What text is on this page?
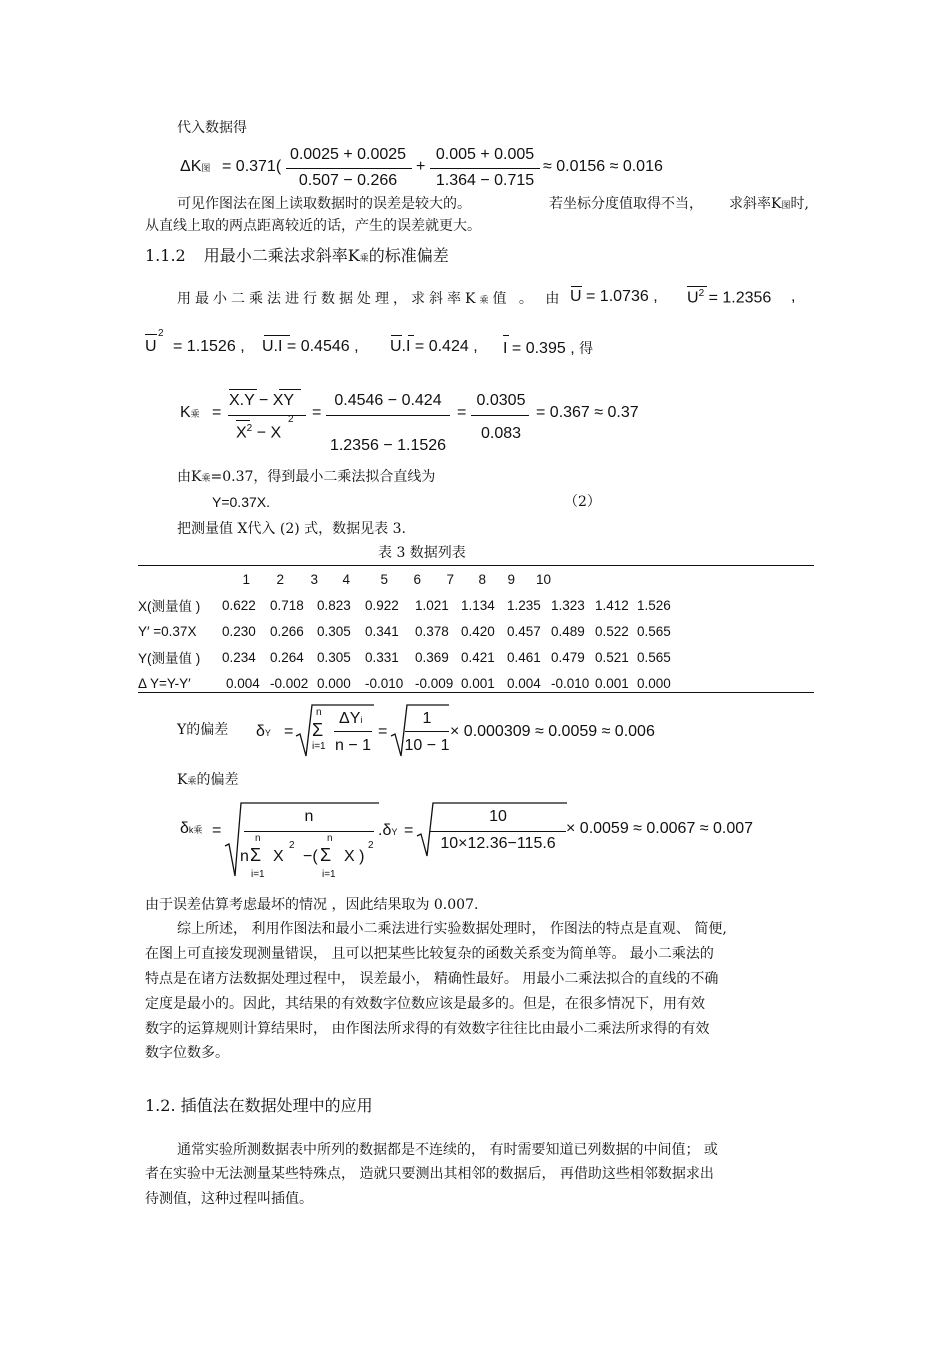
代入数据得
ΔK图 = 0.371(
0.0025 + 0.0025
0.507 − 0.266
+
0.005 + 0.005
1.364 − 0.715
≈ 0.0156 ≈ 0.016
可见作图法在图上读取数据时的误差是较大的。	若坐标分度值取得不当， 求斜率K图时,
从直线上取的两点距离较近的话，产生的误差就更大。
1.1.2 用最小二乘法求斜率K乘的标准偏差
用最小二乘法进行数据处理，求斜率K乘值 。 由 U = 1.0736 , $U^2 = 1.2356$ ,
U
2
= 1.1526 , U.I = 0.4546 , U.I = 0.424 , I = 0.395 , 得
K乘 =
X.Y − XY
$X^2 - X$
2 =
0.4546 − 0.424
1.2356 − 1.1526
=
0.0305
0.083
= 0.367 ≈ 0.37
由K乘=0.37，得到最小二乘法拟合直线为
Y=0.37X.	（2）
把测量值 X代入 (2) 式，数据见表 3.
表 3 数据列表
	1	2	3	4	5	6	7	8	9	10	
X(测量值 )	0.622	0.718	0.823	0.922	1.021	1.134	1.235	1.323	1.412	1.526
Y′ =0.37X	0.230	0.266	0.305	0.341	0.378	0.420	0.457	0.489	0.522	0.565
Y(测量值 )	0.234	0.264	0.305	0.331	0.369	0.421	0.461	0.479	0.521	0.565
Δ Y=Y-Y′	0.004	-0.002	0.000	-0.010	-0.009	0.001	0.004	-0.010	0.001	0.000
Y的偏差 δY =
n
Σ
i=1
ΔYi
n − 1
=
1
10 − 1
× 0.000309 ≈ 0.0059 ≈ 0.006
K乘的偏差
δk乘 =
n
n
n
Σ
i=1
X
2
−(
n
Σ
i=1
X )
2
.δY =
10
10×12.36−115.6
× 0.0059 ≈ 0.0067 ≈ 0.007
由于误差估算考虑最坏的情况 ，因此结果取为 0.007.
综上所述， 利用作图法和最小二乘法进行实验数据处理时， 作图法的特点是直观、 简便,
在图上可直接发现测量错误， 且可以把某些比较复杂的函数关系变为简单等。 最小二乘法的
特点是在诸方法数据处理过程中， 误差最小， 精确性最好。 用最小二乘法拟合的直线的不确
定度是最小的。因此，其结果的有效数字位数应该是最多的。但是，在很多情况下，用有效
数字的运算规则计算结果时， 由作图法所求得的有效数字往往比由最小二乘法所求得的有效
数字位数多。
1.2. 插值法在数据处理中的应用
通常实验所测数据表中所列的数据都是不连续的， 有时需要知道已列数据的中间值； 或
者在实验中无法测量某些特殊点， 造就只要测出其相邻的数据后， 再借助这些相邻数据求出
待测值，这种过程叫插值。
